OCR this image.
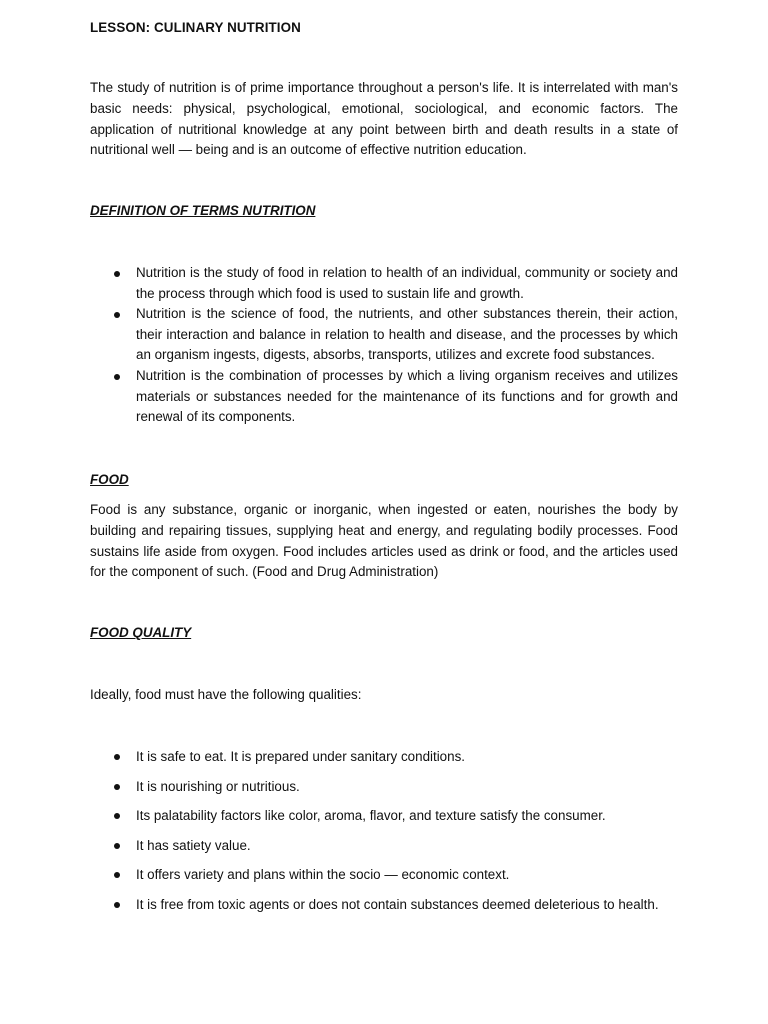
LESSON: CULINARY NUTRITION

The study of nutrition is of prime importance throughout a person's life. It is interrelated with man's basic needs: physical, psychological, emotional, sociological, and economic factors. The application of nutritional knowledge at any point between birth and death results in a state of nutritional well — being and is an outcome of effective nutrition education.

DEFINITION OF TERMS NUTRITION

Nutrition is the study of food in relation to health of an individual, community or society and the process through which food is used to sustain life and growth.
Nutrition is the science of food, the nutrients, and other substances therein, their action, their interaction and balance in relation to health and disease, and the processes by which an organism ingests, digests, absorbs, transports, utilizes and excrete food substances.
Nutrition is the combination of processes by which a living organism receives and utilizes materials or substances needed for the maintenance of its functions and for growth and renewal of its components.

FOOD

Food is any substance, organic or inorganic, when ingested or eaten, nourishes the body by building and repairing tissues, supplying heat and energy, and regulating bodily processes. Food sustains life aside from oxygen. Food includes articles used as drink or food, and the articles used for the component of such. (Food and Drug Administration)

FOOD QUALITY

Ideally, food must have the following qualities:

It is safe to eat. It is prepared under sanitary conditions.
It is nourishing or nutritious.
Its palatability factors like color, aroma, flavor, and texture satisfy the consumer.
It has satiety value.
It offers variety and plans within the socio — economic context.
It is free from toxic agents or does not contain substances deemed deleterious to health.
